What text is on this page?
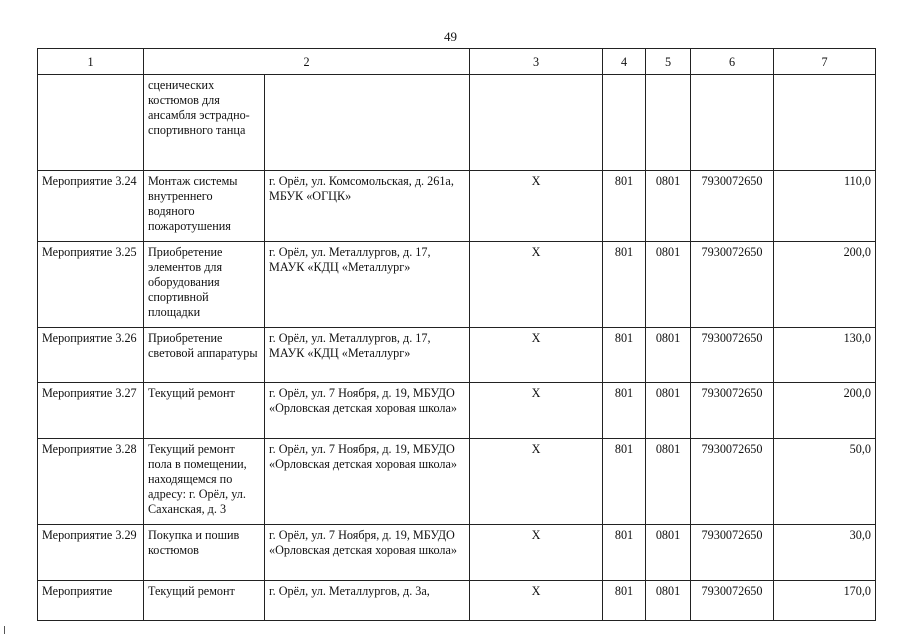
49
1	2		3	4	5	6	7
	сценических костюмов для ансамбля эстрадно-спортивного танца						
Мероприятие 3.24	Монтаж системы внутреннего водяного пожаротушения	г. Орёл, ул. Комсомольская, д. 261а, МБУК «ОГЦК»	X	801	0801	7930072650	110,0
Мероприятие 3.25	Приобретение элементов для оборудования спортивной площадки	г. Орёл, ул. Металлургов, д. 17, МАУК «КДЦ «Металлург»	X	801	0801	7930072650	200,0
Мероприятие 3.26	Приобретение световой аппаратуры	г. Орёл, ул. Металлургов, д. 17, МАУК «КДЦ «Металлург»	X	801	0801	7930072650	130,0
Мероприятие 3.27	Текущий ремонт	г. Орёл, ул. 7 Ноября, д. 19, МБУДО «Орловская детская хоровая школа»	X	801	0801	7930072650	200,0
Мероприятие 3.28	Текущий ремонт пола в помещении, находящемся по адресу: г. Орёл, ул. Саханская, д. 3	г. Орёл, ул. 7 Ноября, д. 19, МБУДО «Орловская детская хоровая школа»	X	801	0801	7930072650	50,0
Мероприятие 3.29	Покупка и пошив костюмов	г. Орёл, ул. 7 Ноября, д. 19, МБУДО «Орловская детская хоровая школа»	X	801	0801	7930072650	30,0
Мероприятие	Текущий ремонт	г. Орёл, ул. Металлургов, д. 3а,	X	801	0801	7930072650	170,0
